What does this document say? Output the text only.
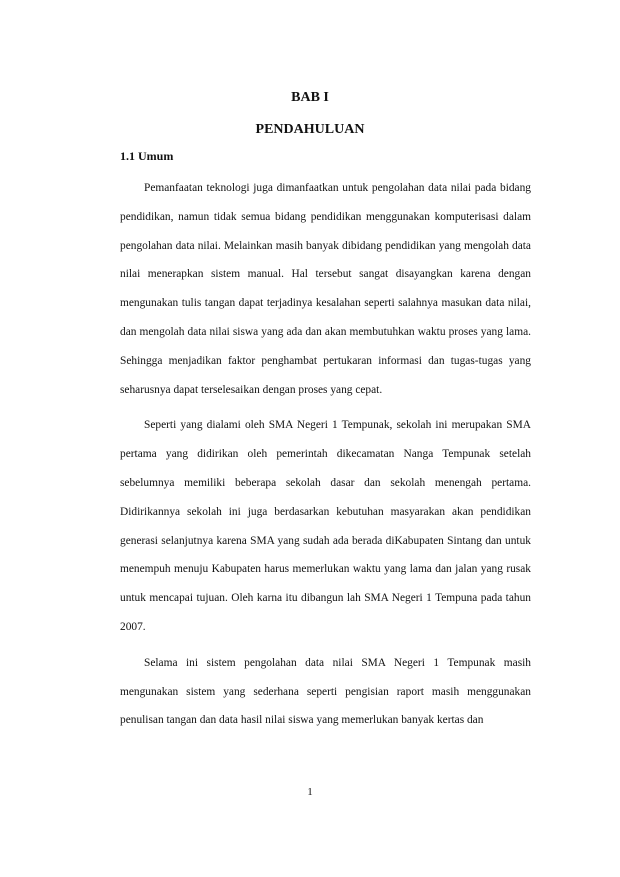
BAB I
PENDAHULUAN
1.1 Umum

Pemanfaatan teknologi juga dimanfaatkan untuk pengolahan data nilai pada bidang pendidikan, namun tidak semua bidang pendidikan menggunakan komputerisasi dalam pengolahan data nilai. Melainkan masih banyak dibidang pendidikan yang mengolah data nilai menerapkan sistem manual. Hal tersebut sangat disayangkan karena dengan mengunakan tulis tangan dapat terjadinya kesalahan seperti salahnya masukan data nilai, dan mengolah data nilai siswa yang ada dan akan membutuhkan waktu proses yang lama. Sehingga menjadikan faktor penghambat pertukaran informasi dan tugas-tugas yang seharusnya dapat terselesaikan dengan proses yang cepat.

Seperti yang dialami oleh SMA Negeri 1 Tempunak, sekolah ini merupakan SMA pertama yang didirikan oleh pemerintah dikecamatan Nanga Tempunak setelah sebelumnya memiliki beberapa sekolah dasar dan sekolah menengah pertama. Didirikannya sekolah ini juga berdasarkan kebutuhan masyarakan akan pendidikan generasi selanjutnya karena SMA yang sudah ada berada diKabupaten Sintang dan untuk menempuh menuju Kabupaten harus memerlukan waktu yang lama dan jalan yang rusak untuk mencapai tujuan. Oleh karna itu dibangun lah SMA Negeri 1 Tempuna pada tahun 2007.

Selama ini sistem pengolahan data nilai SMA Negeri 1 Tempunak masih mengunakan sistem yang sederhana seperti pengisian raport masih menggunakan penulisan tangan dan data hasil nilai siswa yang memerlukan banyak kertas dan

1
